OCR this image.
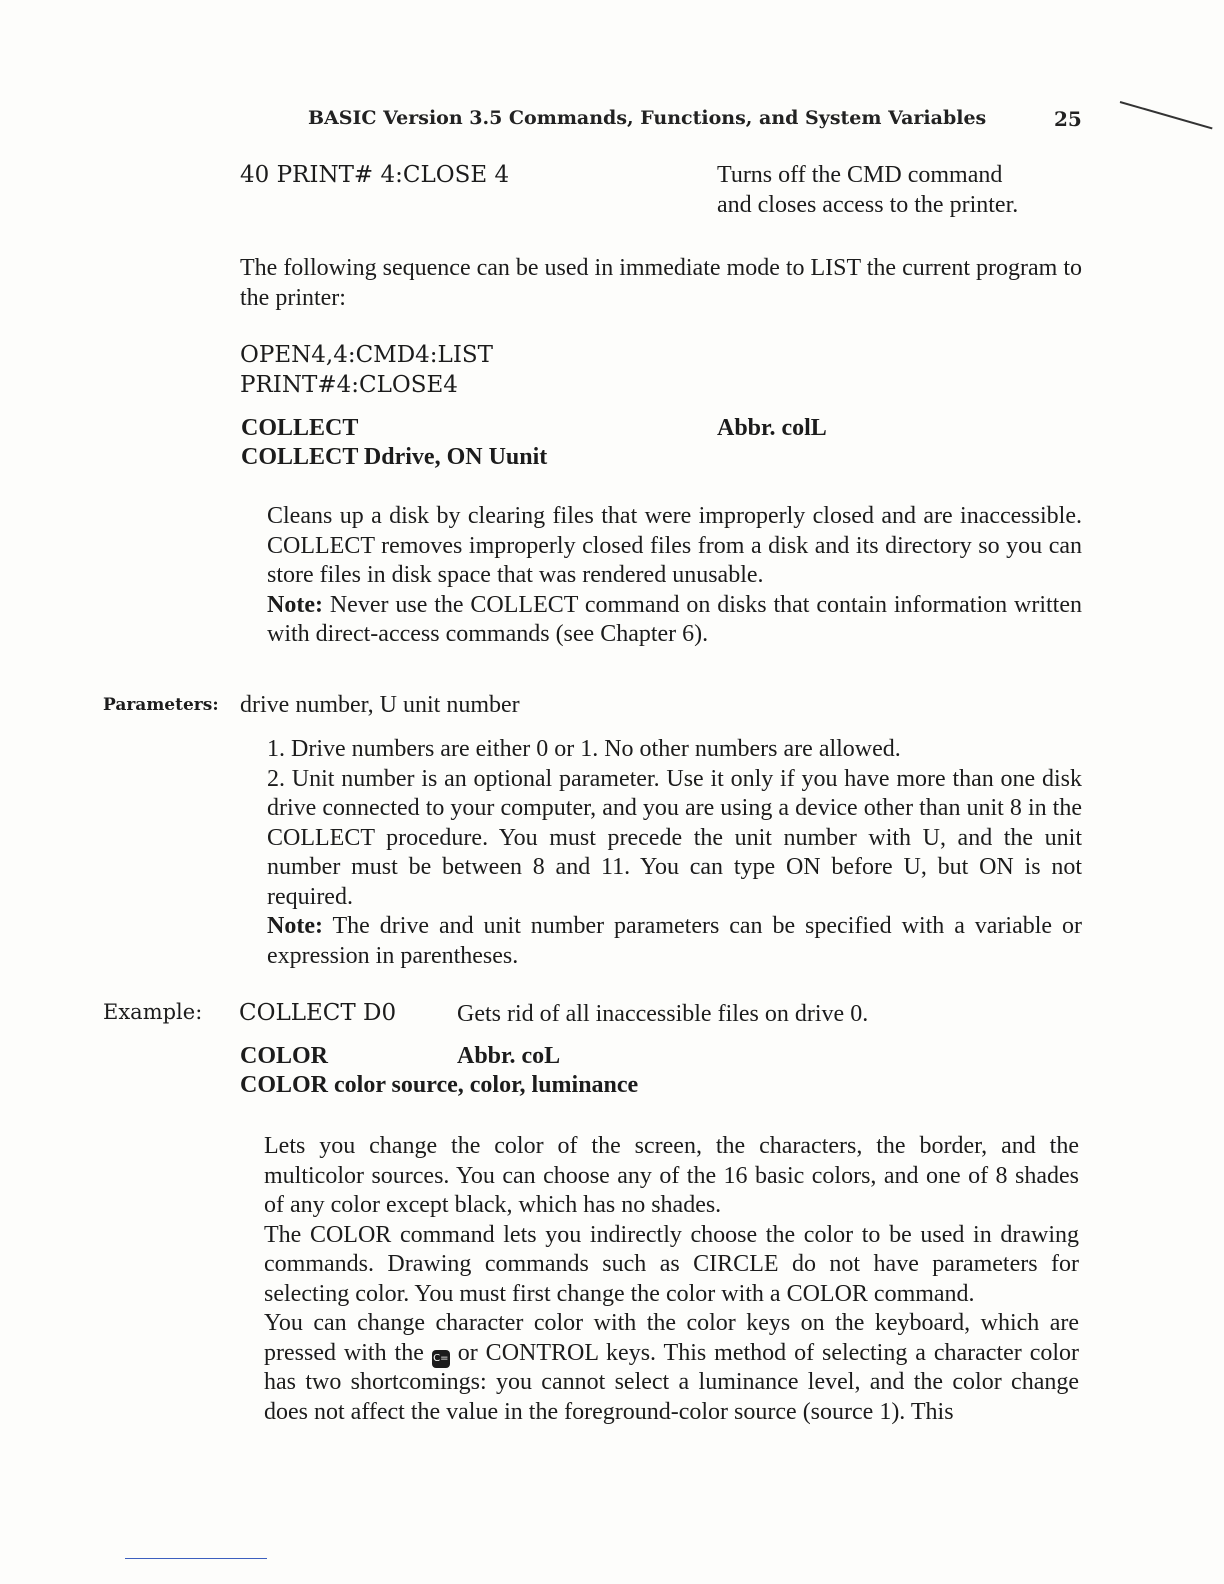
BASIC Version 3.5 Commands, Functions, and System Variables	25
40 PRINT# 4:CLOSE 4	Turns off the CMD command
and closes access to the printer.
The following sequence can be used in immediate mode to LIST the current program to the printer:
OPEN4,4:CMD4:LIST
PRINT#4:CLOSE4
COLLECT	Abbr. colL
COLLECT Ddrive, ON Uunit

Cleans up a disk by clearing files that were improperly closed and are inaccessible. COLLECT removes improperly closed files from a disk and its directory so you can store files in disk space that was rendered unusable.

Note: Never use the COLLECT command on disks that contain information written with direct-access commands (see Chapter 6).

Parameters: drive number, U unit number

1. Drive numbers are either 0 or 1. No other numbers are allowed.

2. Unit number is an optional parameter. Use it only if you have more than one disk drive connected to your computer, and you are using a device other than unit 8 in the COLLECT procedure. You must precede the unit number with U, and the unit number must be between 8 and 11. You can type ON before U, but ON is not required.

Note: The drive and unit number parameters can be specified with a variable or expression in parentheses.

Example: COLLECT D0	Gets rid of all inaccessible files on drive 0.
COLOR	Abbr. coL
COLOR color source, color, luminance

Lets you change the color of the screen, the characters, the border, and the multicolor sources. You can choose any of the 16 basic colors, and one of 8 shades of any color except black, which has no shades.

The COLOR command lets you indirectly choose the color to be used in drawing commands. Drawing commands such as CIRCLE do not have parameters for selecting color. You must first change the color with a COLOR command.

You can change character color with the color keys on the keyboard, which are pressed with the C= or CONTROL keys. This method of selecting a character color has two shortcomings: you cannot select a luminance level, and the color change does not affect the value in the foreground-color source (source 1). This
